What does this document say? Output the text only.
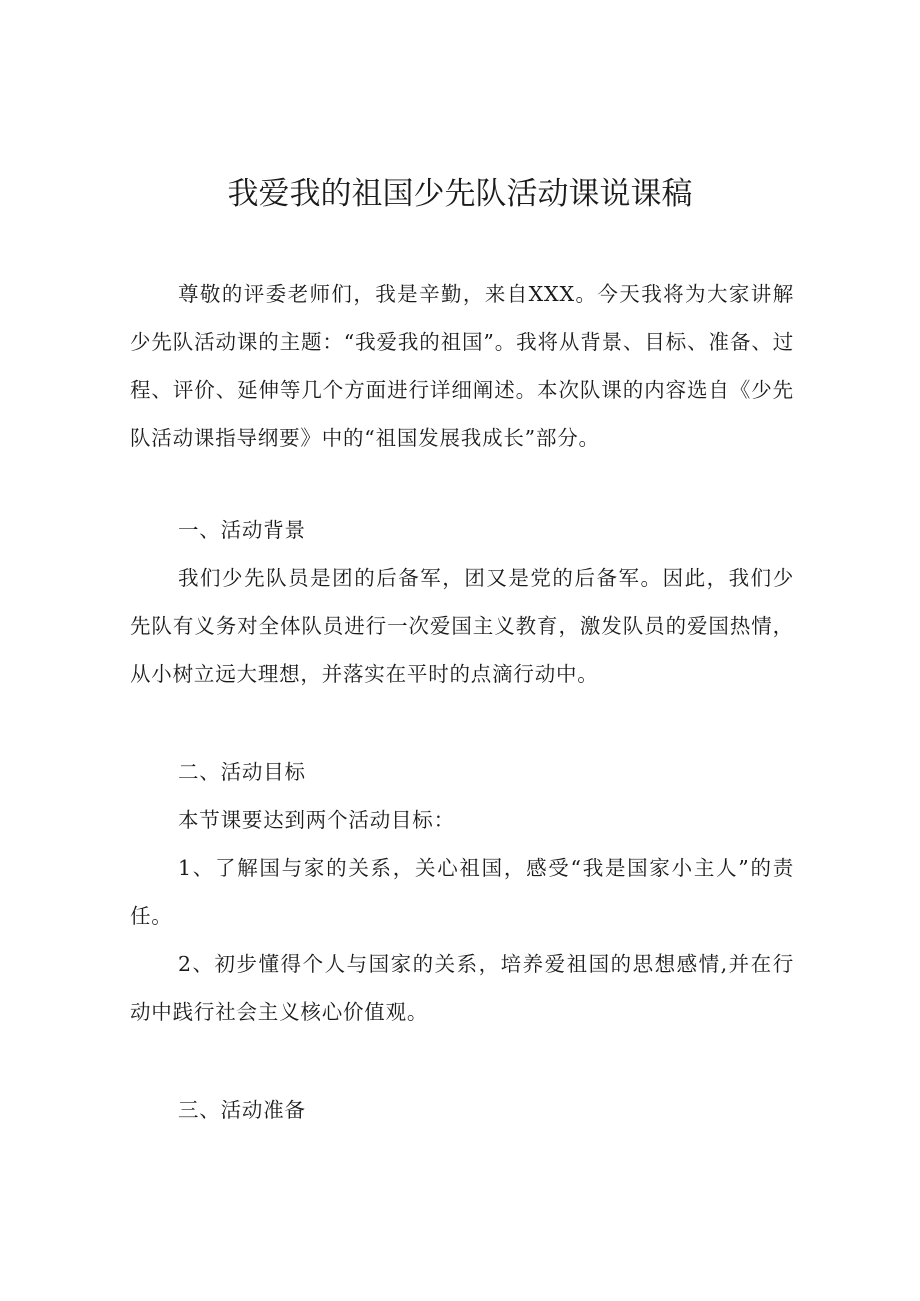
我爱我的祖国少先队活动课说课稿

尊敬的评委老师们，我是辛勤，来自XXX。今天我将为大家讲解少先队活动课的主题：“我爱我的祖国”。我将从背景、目标、准备、过程、评价、延伸等几个方面进行详细阐述。本次队课的内容选自《少先队活动课指导纲要》中的“祖国发展我成长”部分。

一、活动背景

我们少先队员是团的后备军，团又是党的后备军。因此，我们少先队有义务对全体队员进行一次爱国主义教育，激发队员的爱国热情，从小树立远大理想，并落实在平时的点滴行动中。

二、活动目标

本节课要达到两个活动目标：

1、了解国与家的关系，关心祖国，感受“我是国家小主人”的责任。

2、初步懂得个人与国家的关系，培养爱祖国的思想感情,并在行动中践行社会主义核心价值观。

三、活动准备
